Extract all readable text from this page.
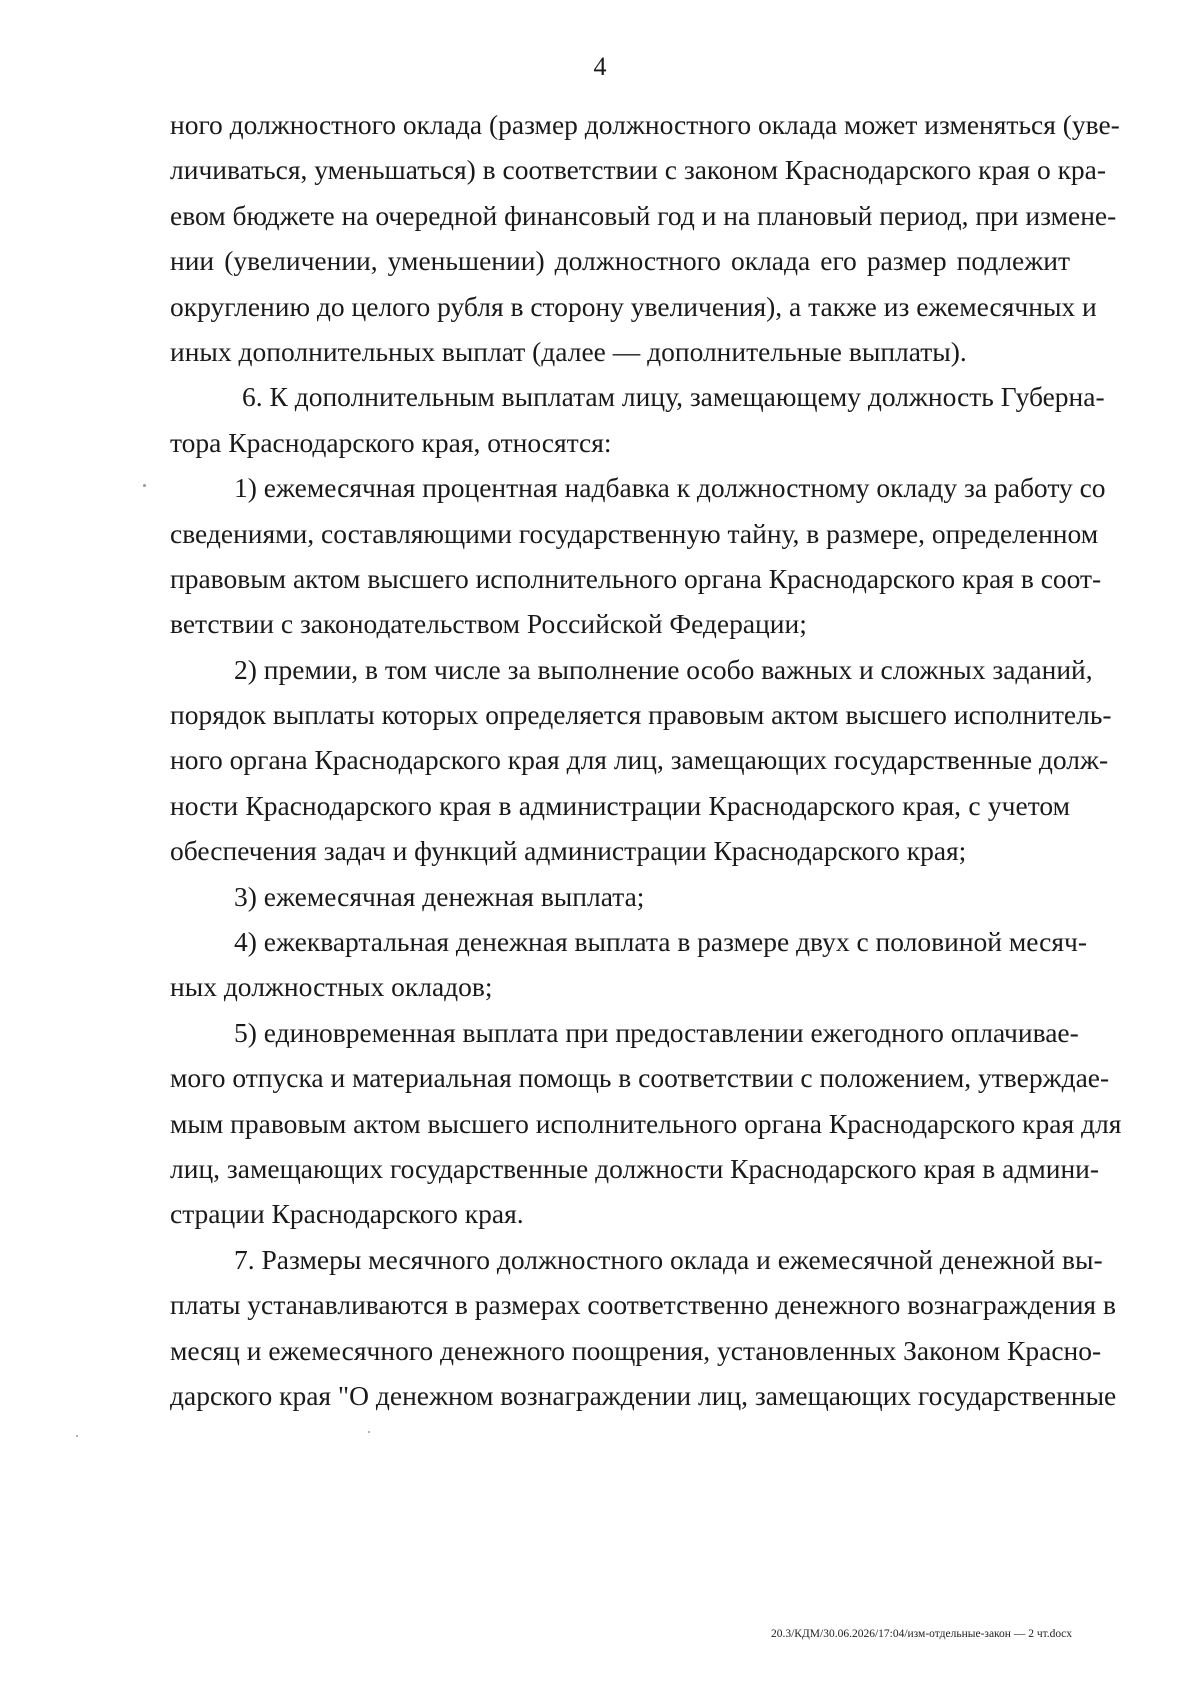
4
ного должностного оклада (размер должностного оклада может изменяться (уве-
личиваться, уменьшаться) в соответствии с законом Краснодарского края о кра-
евом бюджете на очередной финансовый год и на плановый период, при измене-
нии (увеличении, уменьшении) должностного оклада его размер подлежит
округлению до целого рубля в сторону увеличения), а также из ежемесячных и
иных дополнительных выплат (далее — дополнительные выплаты).
6. К дополнительным выплатам лицу, замещающему должность Губерна-
тора Краснодарского края, относятся:
1) ежемесячная процентная надбавка к должностному окладу за работу со
сведениями, составляющими государственную тайну, в размере, определенном
правовым актом высшего исполнительного органа Краснодарского края в соот-
ветствии с законодательством Российской Федерации;
2) премии, в том числе за выполнение особо важных и сложных заданий,
порядок выплаты которых определяется правовым актом высшего исполнитель-
ного органа Краснодарского края для лиц, замещающих государственные долж-
ности Краснодарского края в администрации Краснодарского края, с учетом
обеспечения задач и функций администрации Краснодарского края;
3) ежемесячная денежная выплата;
4) ежеквартальная денежная выплата в размере двух с половиной месяч-
ных должностных окладов;
5) единовременная выплата при предоставлении ежегодного оплачивае-
мого отпуска и материальная помощь в соответствии с положением, утверждае-
мым правовым актом высшего исполнительного органа Краснодарского края для
лиц, замещающих государственные должности Краснодарского края в админи-
страции Краснодарского края.
7. Размеры месячного должностного оклада и ежемесячной денежной вы-
платы устанавливаются в размерах соответственно денежного вознаграждения в
месяц и ежемесячного денежного поощрения, установленных Законом Красно-
дарского края "О денежном вознаграждении лиц, замещающих государственные
20.3/КДМ/30.06.2026/17:04/изм-отдельные-закон — 2 чт.docx
